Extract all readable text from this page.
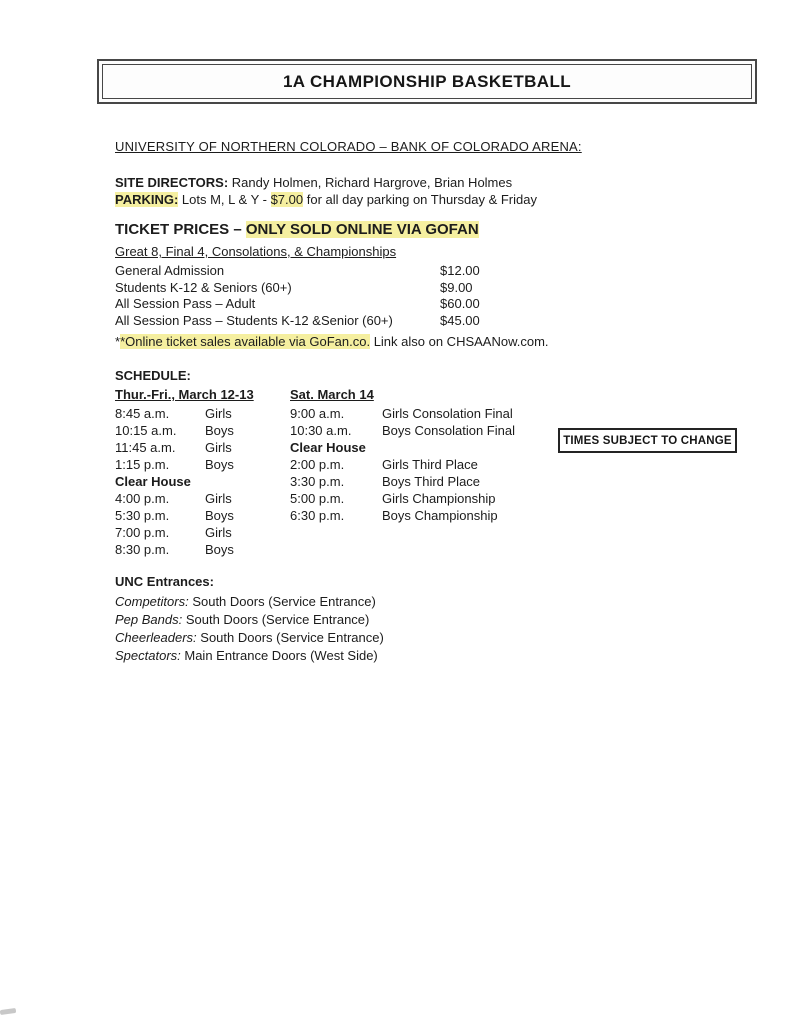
1A CHAMPIONSHIP BASKETBALL
UNIVERSITY OF NORTHERN COLORADO – BANK OF COLORADO ARENA:
SITE DIRECTORS: Randy Holmen, Richard Hargrove, Brian Holmes
PARKING: Lots M, L & Y - $7.00 for all day parking on Thursday & Friday
TICKET PRICES – ONLY SOLD ONLINE VIA GOFAN
Great 8, Final 4, Consolations, & Championships
General Admission	$12.00
Students K-12 & Seniors (60+)	$9.00
All Session Pass – Adult	$60.00
All Session Pass – Students K-12 &Senior (60+)	$45.00
**Online ticket sales available via GoFan.co. Link also on CHSAANow.com.
SCHEDULE:
Thur.-Fri., March 12-13
8:45 a.m.	Girls
10:15 a.m. Boys
11:45 a.m. Girls
1:15 p.m.	Boys
Clear House
4:00 p.m.	Girls
5:30 p.m.	Boys
7:00 p.m.	Girls
8:30 p.m.	Boys
Sat. March 14
9:00 a.m.	Girls Consolation Final
10:30 a.m. Boys Consolation Final
Clear House
2:00 p.m.	Girls Third Place
3:30 p.m.	Boys Third Place
5:00 p.m.	Girls Championship
6:30 p.m.	Boys Championship
UNC Entrances:
Competitors: South Doors (Service Entrance)
Pep Bands: South Doors (Service Entrance)
Cheerleaders: South Doors (Service Entrance)
Spectators: Main Entrance Doors (West Side)
TIMES SUBJECT TO CHANGE
